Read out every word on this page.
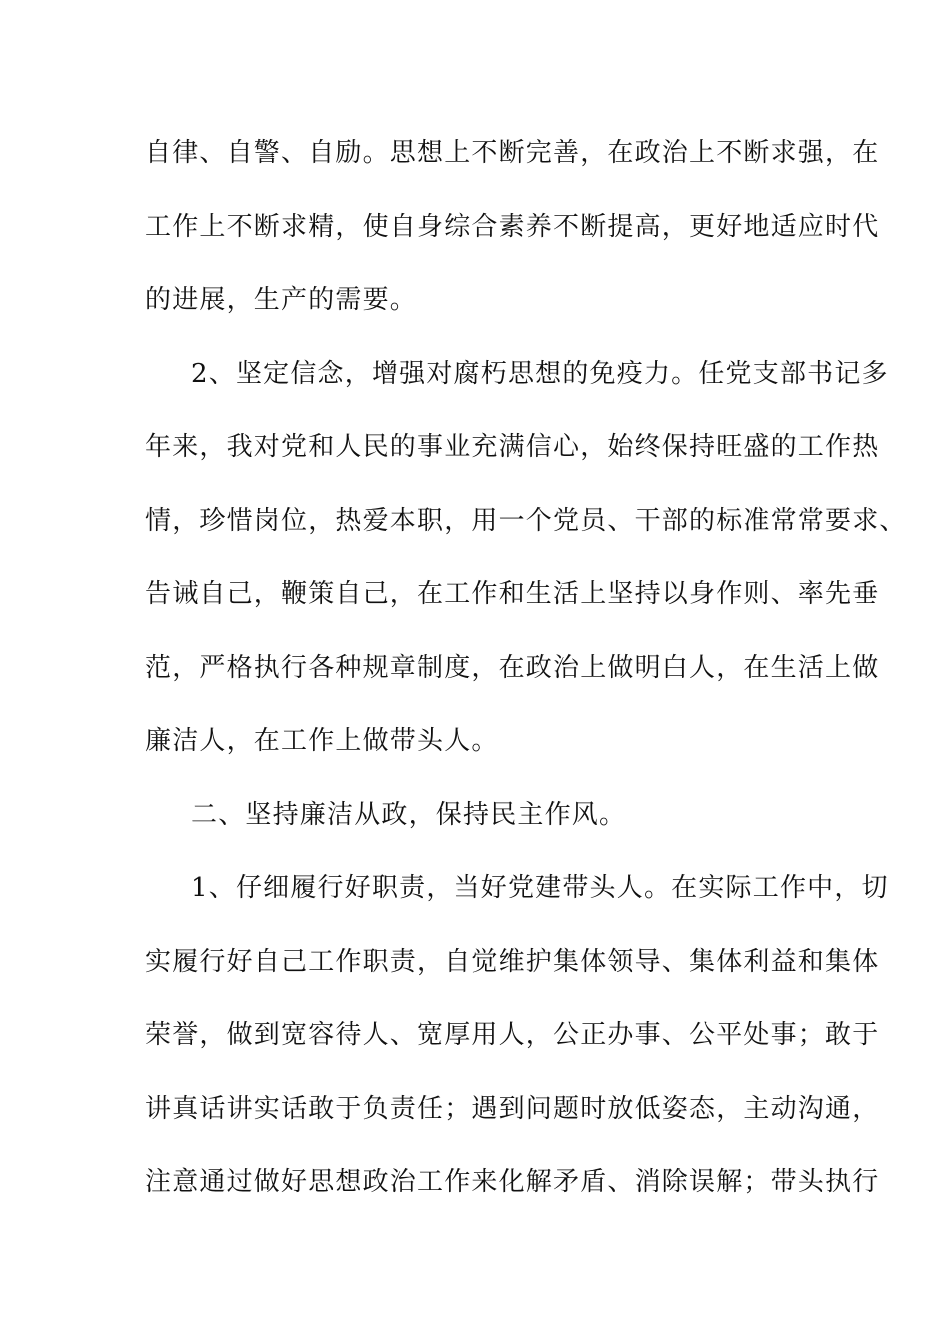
自律、自警、自励。思想上不断完善，在政治上不断求强，在
工作上不断求精，使自身综合素养不断提高，更好地适应时代
的进展，生产的需要。
2、坚定信念，增强对腐朽思想的免疫力。任党支部书记多
年来，我对党和人民的事业充满信心，始终保持旺盛的工作热
情，珍惜岗位，热爱本职，用一个党员、干部的标准常常要求、
告诫自己，鞭策自己，在工作和生活上坚持以身作则、率先垂
范，严格执行各种规章制度，在政治上做明白人，在生活上做
廉洁人，在工作上做带头人。
二、坚持廉洁从政，保持民主作风。
1、仔细履行好职责，当好党建带头人。在实际工作中，切
实履行好自己工作职责，自觉维护集体领导、集体利益和集体
荣誉，做到宽容待人、宽厚用人，公正办事、公平处事；敢于
讲真话讲实话敢于负责任；遇到问题时放低姿态，主动沟通，
注意通过做好思想政治工作来化解矛盾、消除误解；带头执行
